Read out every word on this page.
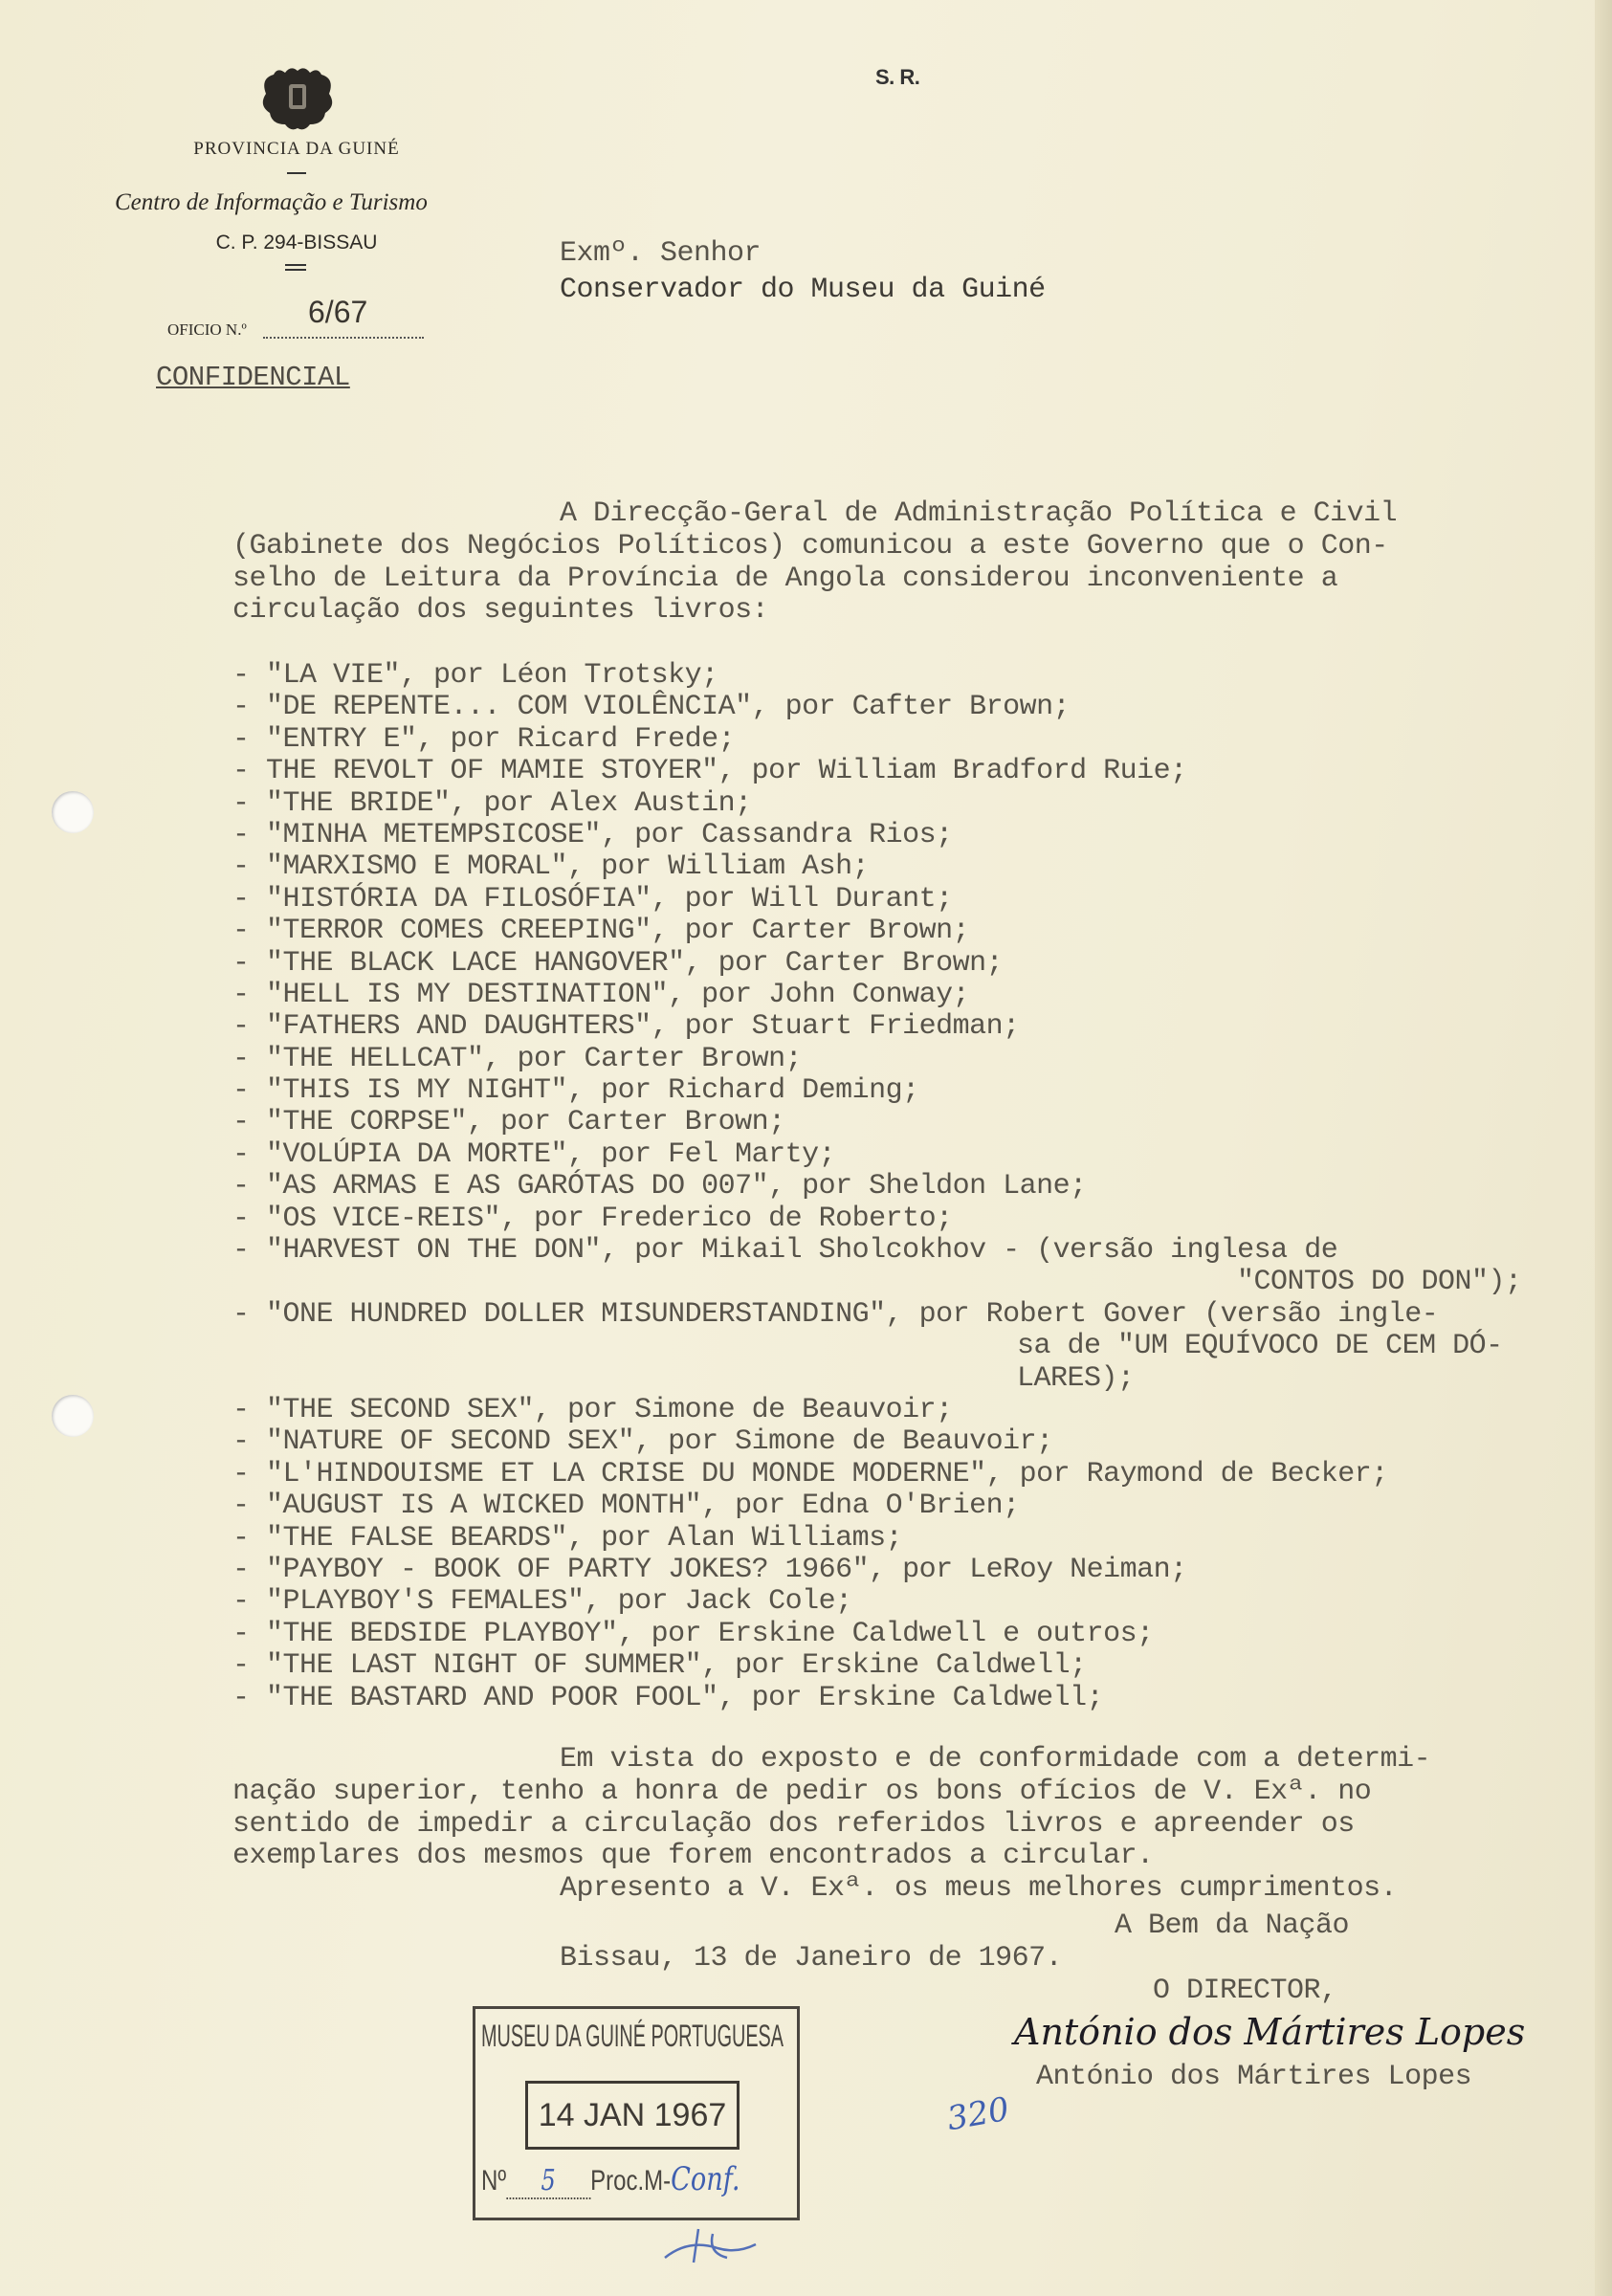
S. R.
PROVINCIA DA GUINÉ
Centro de Informação e Turismo
C. P. 294-BISSAU
OFICIO N.º
6/67
CONFIDENCIAL
Exmº. Senhor
Conservador do Museu da Guiné
A Direcção-Geral de Administração Política e Civil
(Gabinete dos Negócios Políticos) comunicou a este Governo que o Con-
selho de Leitura da Província de Angola considerou inconveniente a
circulação dos seguintes livros:
- "LA VIE", por Léon Trotsky;
- "DE REPENTE... COM VIOLÊNCIA", por Cafter Brown;
- "ENTRY E", por Ricard Frede;
- THE REVOLT OF MAMIE STOYER", por William Bradford Ruie;
- "THE BRIDE", por Alex Austin;
- "MINHA METEMPSICOSE", por Cassandra Rios;
- "MARXISMO E MORAL", por William Ash;
- "HISTÓRIA DA FILOSÓFIA", por Will Durant;
- "TERROR COMES CREEPING", por Carter Brown;
- "THE BLACK LACE HANGOVER", por Carter Brown;
- "HELL IS MY DESTINATION", por John Conway;
- "FATHERS AND DAUGHTERS", por Stuart Friedman;
- "THE HELLCAT", por Carter Brown;
- "THIS IS MY NIGHT", por Richard Deming;
- "THE CORPSE", por Carter Brown;
- "VOLÚPIA DA MORTE", por Fel Marty;
- "AS ARMAS E AS GARÓTAS DO 007", por Sheldon Lane;
- "OS VICE-REIS", por Frederico de Roberto;
- "HARVEST ON THE DON", por Mikail Sholcokhov - (versão inglesa de
"CONTOS DO DON");
- "ONE HUNDRED DOLLER MISUNDERSTANDING", por Robert Gover (versão ingle-
sa de "UM EQUÍVOCO DE CEM DÓ-
LARES);
- "THE SECOND SEX", por Simone de Beauvoir;
- "NATURE OF SECOND SEX", por Simone de Beauvoir;
- "L'HINDOUISME ET LA CRISE DU MONDE MODERNE", por Raymond de Becker;
- "AUGUST IS A WICKED MONTH", por Edna O'Brien;
- "THE FALSE BEARDS", por Alan Williams;
- "PAYBOY - BOOK OF PARTY JOKES? 1966", por LeRoy Neiman;
- "PLAYBOY'S FEMALES", por Jack Cole;
- "THE BEDSIDE PLAYBOY", por Erskine Caldwell e outros;
- "THE LAST NIGHT OF SUMMER", por Erskine Caldwell;
- "THE BASTARD AND POOR FOOL", por Erskine Caldwell;
Em vista do exposto e de conformidade com a determi-
nação superior, tenho a honra de pedir os bons ofícios de V. Exª. no
sentido de impedir a circulação dos referidos livros e apreender os
exemplares dos mesmos que forem encontrados a circular.
Apresento a V. Exª. os meus melhores cumprimentos.
A Bem da Nação
Bissau, 13 de Janeiro de 1967.
O DIRECTOR,
António dos Mártires Lopes
António dos Mártires Lopes
320
MUSEU DA GUINÉ PORTUGUESA
14 JAN 1967
Nº 5 Proc.M-Conf.
